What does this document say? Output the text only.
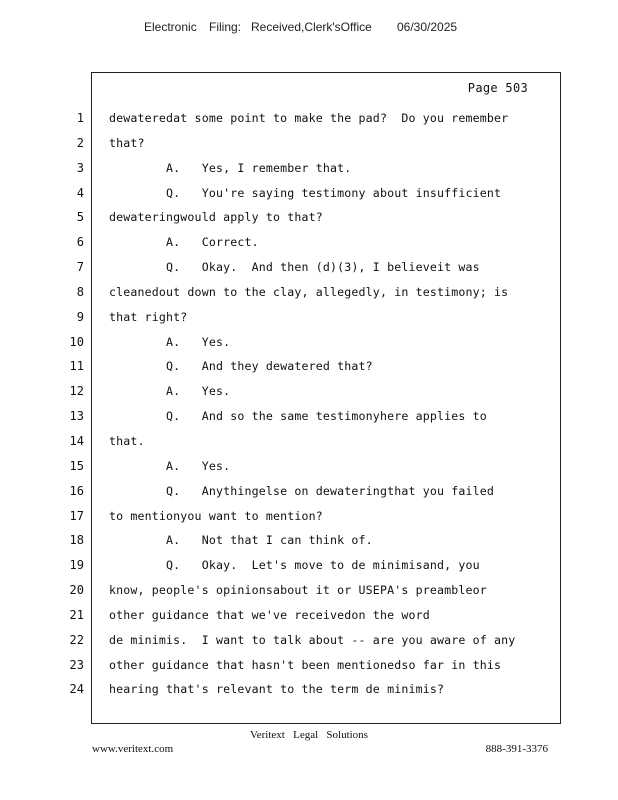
Electronic Filing: Received,Clerk'sOffice 06/30/2025
Page 503
1
2
3
4
5
6
7
8
9
10
11
12
13
14
15
16
17
18
19
20
21
22
23
24
dewateredat some point to make the pad?  Do you remember
that?
A.   Yes, I remember that.
Q.   You're saying testimony about insufficient
dewateringwould apply to that?
A.   Correct.
Q.   Okay.  And then (d)(3), I believeit was
cleanedout down to the clay, allegedly, in testimony; is
that right?
A.   Yes.
Q.   And they dewatered that?
A.   Yes.
Q.   And so the same testimonyhere applies to
that.
A.   Yes.
Q.   Anythingelse on dewateringthat you failed
to mentionyou want to mention?
A.   Not that I can think of.
Q.   Okay.  Let's move to de minimisand, you
know, people's opinionsabout it or USEPA's preambleor
other guidance that we've receivedon the word
de minimis.  I want to talk about -- are you aware of any
other guidance that hasn't been mentionedso far in this
hearing that's relevant to the term de minimis?
Veritext   Legal   Solutions
www.veritext.com	888-391-3376
